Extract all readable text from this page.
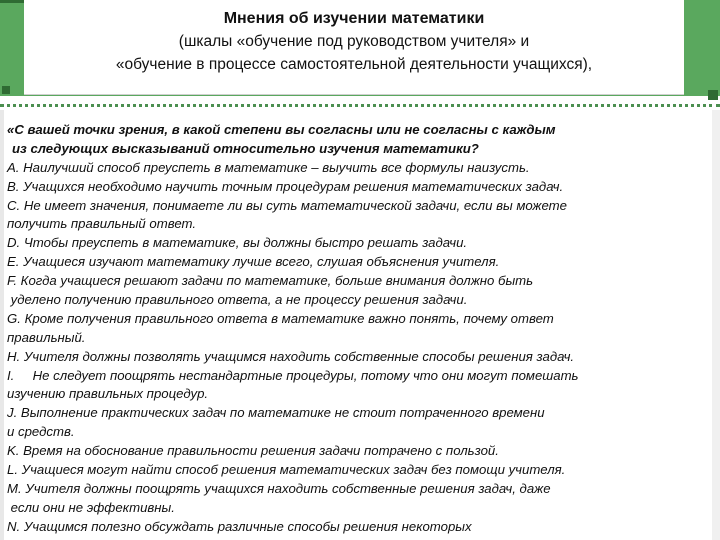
Мнения об изучении математики
(шкалы «обучение под руководством учителя» и
«обучение в процессе самостоятельной деятельности учащихся),
«С вашей точки зрения, в какой степени вы согласны или не согласны с каждым
из следующих высказываний относительно изучения математики?
A. Наилучший способ преуспеть в математике – выучить все формулы наизусть.
B. Учащихся необходимо научить точным процедурам решения математических задач.
C. Не имеет значения, понимаете ли вы суть математической задачи, если вы можете
получить правильный ответ.
D. Чтобы преуспеть в математике, вы должны быстро решать задачи.
E. Учащиеся изучают математику лучше всего, слушая объяснения учителя.
F. Когда учащиеся решают задачи по математике, больше внимания должно быть
уделено получению правильного ответа, а не процессу решения задачи.
G. Кроме получения правильного ответа в математике важно понять, почему ответ
правильный.
H. Учителя должны позволять учащимся находить собственные способы решения задач.
I.     Не следует поощрять нестандартные процедуры, потому что они могут помешать
изучению правильных процедур.
J. Выполнение практических задач по математике не стоит потраченного времени
и средств.
K. Время на обоснование правильности решения задачи потрачено с пользой.
L. Учащиеся могут найти способ решения математических задач без помощи учителя.
M. Учителя должны поощрять учащихся находить собственные решения задач, даже
если они не эффективны.
N. Учащимся полезно обсуждать различные способы решения некоторых
